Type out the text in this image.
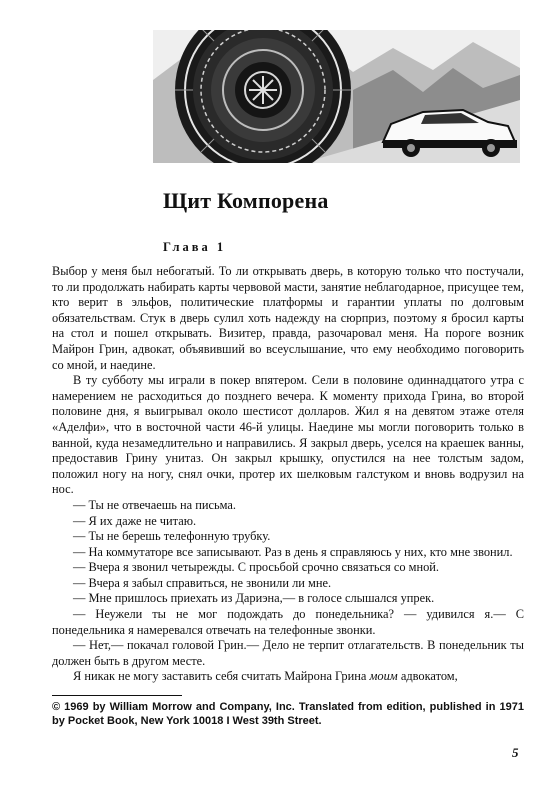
Щит Компорена
Глава 1

Выбор у меня был небогатый. То ли открывать дверь, в которую только что постучали, то ли продолжать набирать карты червовой масти, занятие неблагодарное, присущее тем, кто верит в эльфов, политические платформы и гарантии уплаты по долговым обязательствам. Стук в дверь сулил хоть надежду на сюрприз, поэтому я бросил карты на стол и пошел открывать. Визитер, правда, разочаровал меня. На пороге возник Майрон Грин, адвокат, объявивший во всеуслышание, что ему необходимо поговорить со мной, и наедине.

В ту субботу мы играли в покер впятером. Сели в половине одиннадцатого утра с намерением не расходиться до позднего вечера. К моменту прихода Грина, во второй половине дня, я выигрывал около шестисот долларов. Жил я на девятом этаже отеля «Аделфи», что в восточной части 46-й улицы. Наедине мы могли поговорить только в ванной, куда незамедлительно и направились. Я закрыл дверь, уселся на краешек ванны, предоставив Грину унитаз. Он закрыл крышку, опустился на нее толстым задом, положил ногу на ногу, снял очки, протер их шелковым галстуком и вновь водрузил на нос.

— Ты не отвечаешь на письма.

— Я их даже не читаю.

— Ты не берешь телефонную трубку.

— На коммутаторе все записывают. Раз в день я справляюсь у них, кто мне звонил.

— Вчера я звонил четырежды. С просьбой срочно связаться со мной.

— Вчера я забыл справиться, не звонили ли мне.

— Мне пришлось приехать из Дариэна,— в голосе слышался упрек.

— Неужели ты не мог подождать до понедельника? — удивился я.— С понедельника я намеревался отвечать на телефонные звонки.

— Нет,— покачал головой Грин.— Дело не терпит отлагательств. В понедельник ты должен быть в другом месте.

Я никак не могу заставить себя считать Майрона Грина моим адвокатом,

© 1969 by William Morrow and Company, Inc. Translated from edition, published in 1971 by Pocket Book, New York 10018 I West 39th Street.
5
